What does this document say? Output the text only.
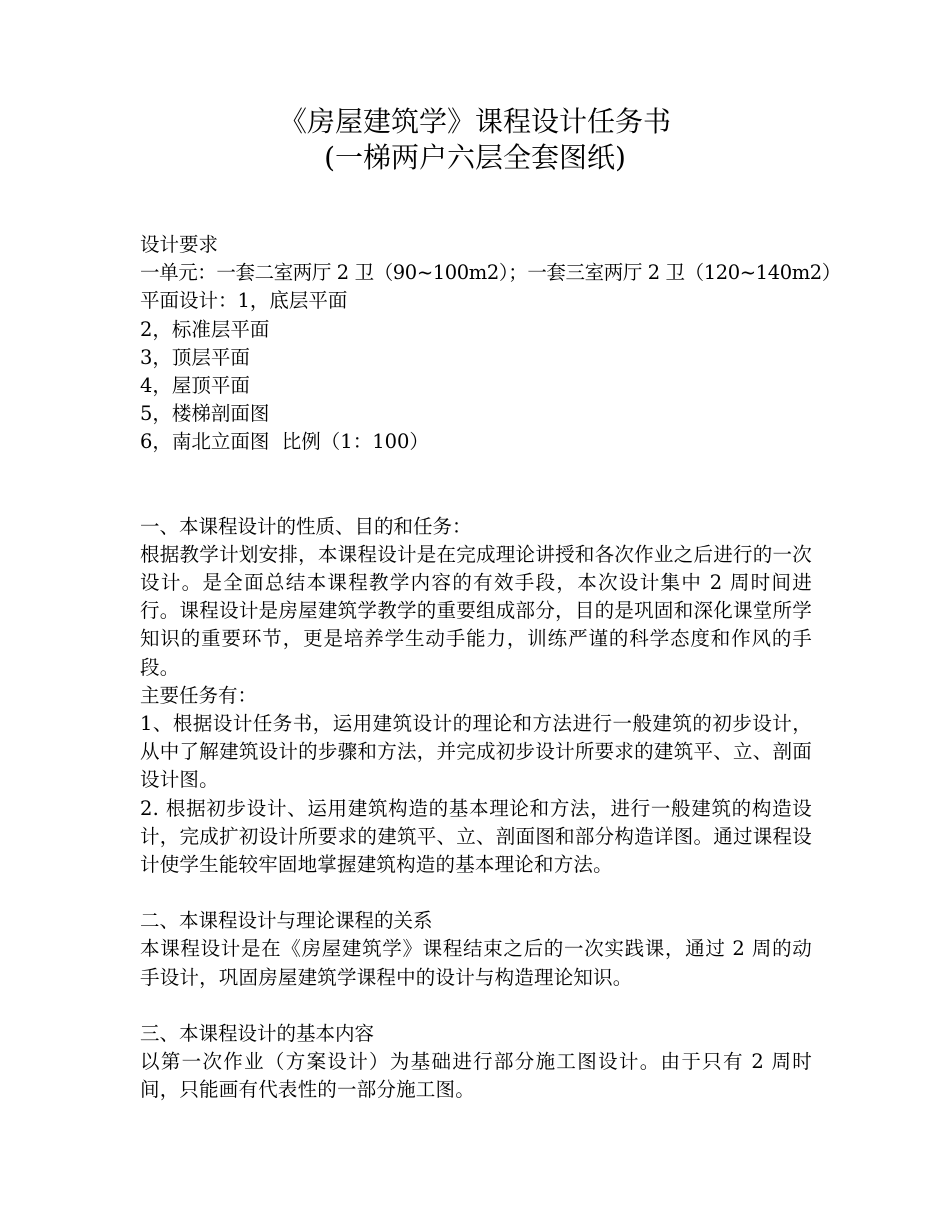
《房屋建筑学》课程设计任务书
(一梯两户六层全套图纸)

设计要求

一单元：一套二室两厅 2 卫（90~100m2）；一套三室两厅 2 卫（120~140m2）

平面设计：1，底层平面

2，标准层平面

3，顶层平面

4，屋顶平面

5，楼梯剖面图

6，南北立面图  比例（1：100）

一、本课程设计的性质、目的和任务：

根据教学计划安排，本课程设计是在完成理论讲授和各次作业之后进行的一次设计。是全面总结本课程教学内容的有效手段，本次设计集中 2 周时间进行。课程设计是房屋建筑学教学的重要组成部分，目的是巩固和深化课堂所学知识的重要环节，更是培养学生动手能力，训练严谨的科学态度和作风的手段。

主要任务有：

1、根据设计任务书，运用建筑设计的理论和方法进行一般建筑的初步设计，从中了解建筑设计的步骤和方法，并完成初步设计所要求的建筑平、立、剖面设计图。

2. 根据初步设计、运用建筑构造的基本理论和方法，进行一般建筑的构造设计，完成扩初设计所要求的建筑平、立、剖面图和部分构造详图。通过课程设计使学生能较牢固地掌握建筑构造的基本理论和方法。

二、本课程设计与理论课程的关系

本课程设计是在《房屋建筑学》课程结束之后的一次实践课，通过 2 周的动手设计，巩固房屋建筑学课程中的设计与构造理论知识。

三、本课程设计的基本内容

以第一次作业（方案设计）为基础进行部分施工图设计。由于只有 2 周时间，只能画有代表性的一部分施工图。
